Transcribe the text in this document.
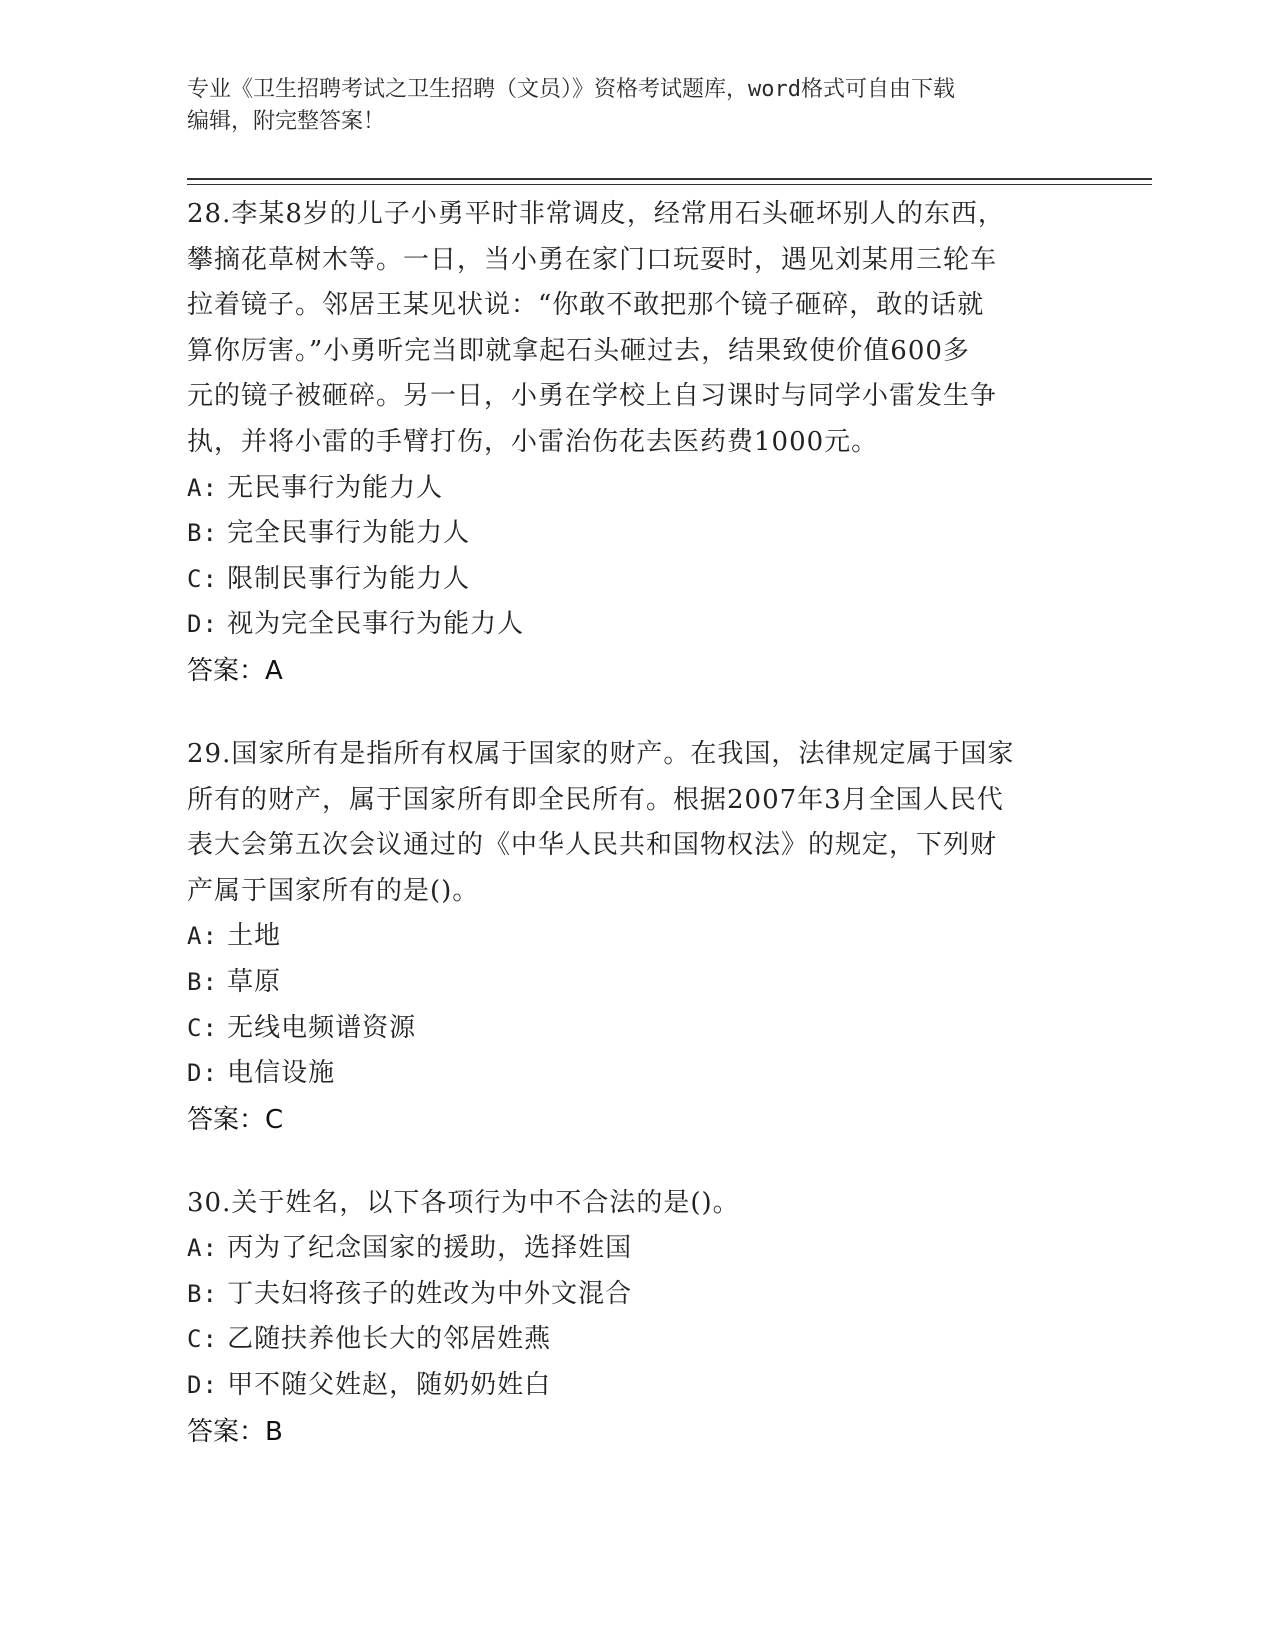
专业《卫生招聘考试之卫生招聘（文员）》资格考试题库，word格式可自由下载

编辑，附完整答案！

28.李某8岁的儿子小勇平时非常调皮，经常用石头砸坏别人的东西，

攀摘花草树木等。一日，当小勇在家门口玩耍时，遇见刘某用三轮车

拉着镜子。邻居王某见状说：“你敢不敢把那个镜子砸碎，敢的话就

算你厉害。”小勇听完当即就拿起石头砸过去，结果致使价值600多

元的镜子被砸碎。另一日，小勇在学校上自习课时与同学小雷发生争

执，并将小雷的手臂打伤，小雷治伤花去医药费1000元。

A: 无民事行为能力人

B: 完全民事行为能力人

C: 限制民事行为能力人

D: 视为完全民事行为能力人

答案：A

29.国家所有是指所有权属于国家的财产。在我国，法律规定属于国家

所有的财产，属于国家所有即全民所有。根据2007年3月全国人民代

表大会第五次会议通过的《中华人民共和国物权法》的规定，下列财

产属于国家所有的是()。

A: 土地

B: 草原

C: 无线电频谱资源

D: 电信设施

答案：C

30.关于姓名，以下各项行为中不合法的是()。

A: 丙为了纪念国家的援助，选择姓国

B: 丁夫妇将孩子的姓改为中外文混合

C: 乙随扶养他长大的邻居姓燕

D: 甲不随父姓赵，随奶奶姓白

答案：B
